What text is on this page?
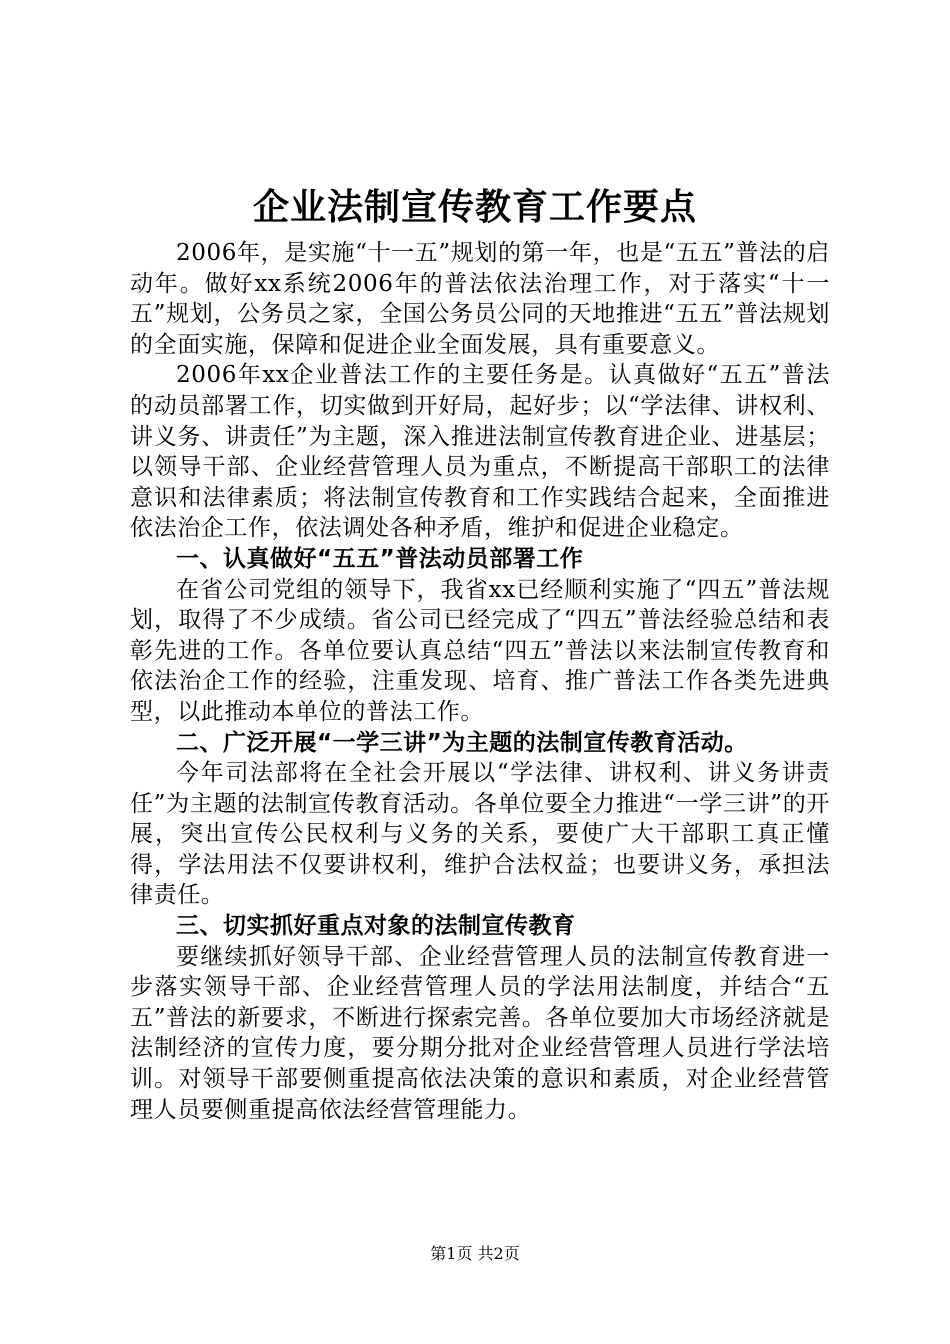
企业法制宣传教育工作要点

2006年，是实施“十一五”规划的第一年，也是“五五”普法的启动年。做好xx系统2006年的普法依法治理工作，对于落实“十一五”规划，公务员之家，全国公务员公同的天地推进“五五”普法规划的全面实施，保障和促进企业全面发展，具有重要意义。

2006年xx企业普法工作的主要任务是。认真做好“五五”普法的动员部署工作，切实做到开好局，起好步；以“学法律、讲权利、讲义务、讲责任”为主题，深入推进法制宣传教育进企业、进基层；以领导干部、企业经营管理人员为重点，不断提高干部职工的法律意识和法律素质；将法制宣传教育和工作实践结合起来，全面推进依法治企工作，依法调处各种矛盾，维护和促进企业稳定。

一、认真做好“五五”普法动员部署工作

在省公司党组的领导下，我省xx已经顺利实施了“四五”普法规划，取得了不少成绩。省公司已经完成了“四五”普法经验总结和表彰先进的工作。各单位要认真总结“四五”普法以来法制宣传教育和依法治企工作的经验，注重发现、培育、推广普法工作各类先进典型，以此推动本单位的普法工作。

二、广泛开展“一学三讲”为主题的法制宣传教育活动。

今年司法部将在全社会开展以“学法律、讲权利、讲义务讲责任”为主题的法制宣传教育活动。各单位要全力推进“一学三讲”的开展，突出宣传公民权利与义务的关系，要使广大干部职工真正懂得，学法用法不仅要讲权利，维护合法权益；也要讲义务，承担法律责任。

三、切实抓好重点对象的法制宣传教育

要继续抓好领导干部、企业经营管理人员的法制宣传教育进一步落实领导干部、企业经营管理人员的学法用法制度，并结合“五五”普法的新要求，不断进行探索完善。各单位要加大市场经济就是法制经济的宣传力度，要分期分批对企业经营管理人员进行学法培训。对领导干部要侧重提高依法决策的意识和素质，对企业经营管理人员要侧重提高依法经营管理能力。

第1页 共2页
